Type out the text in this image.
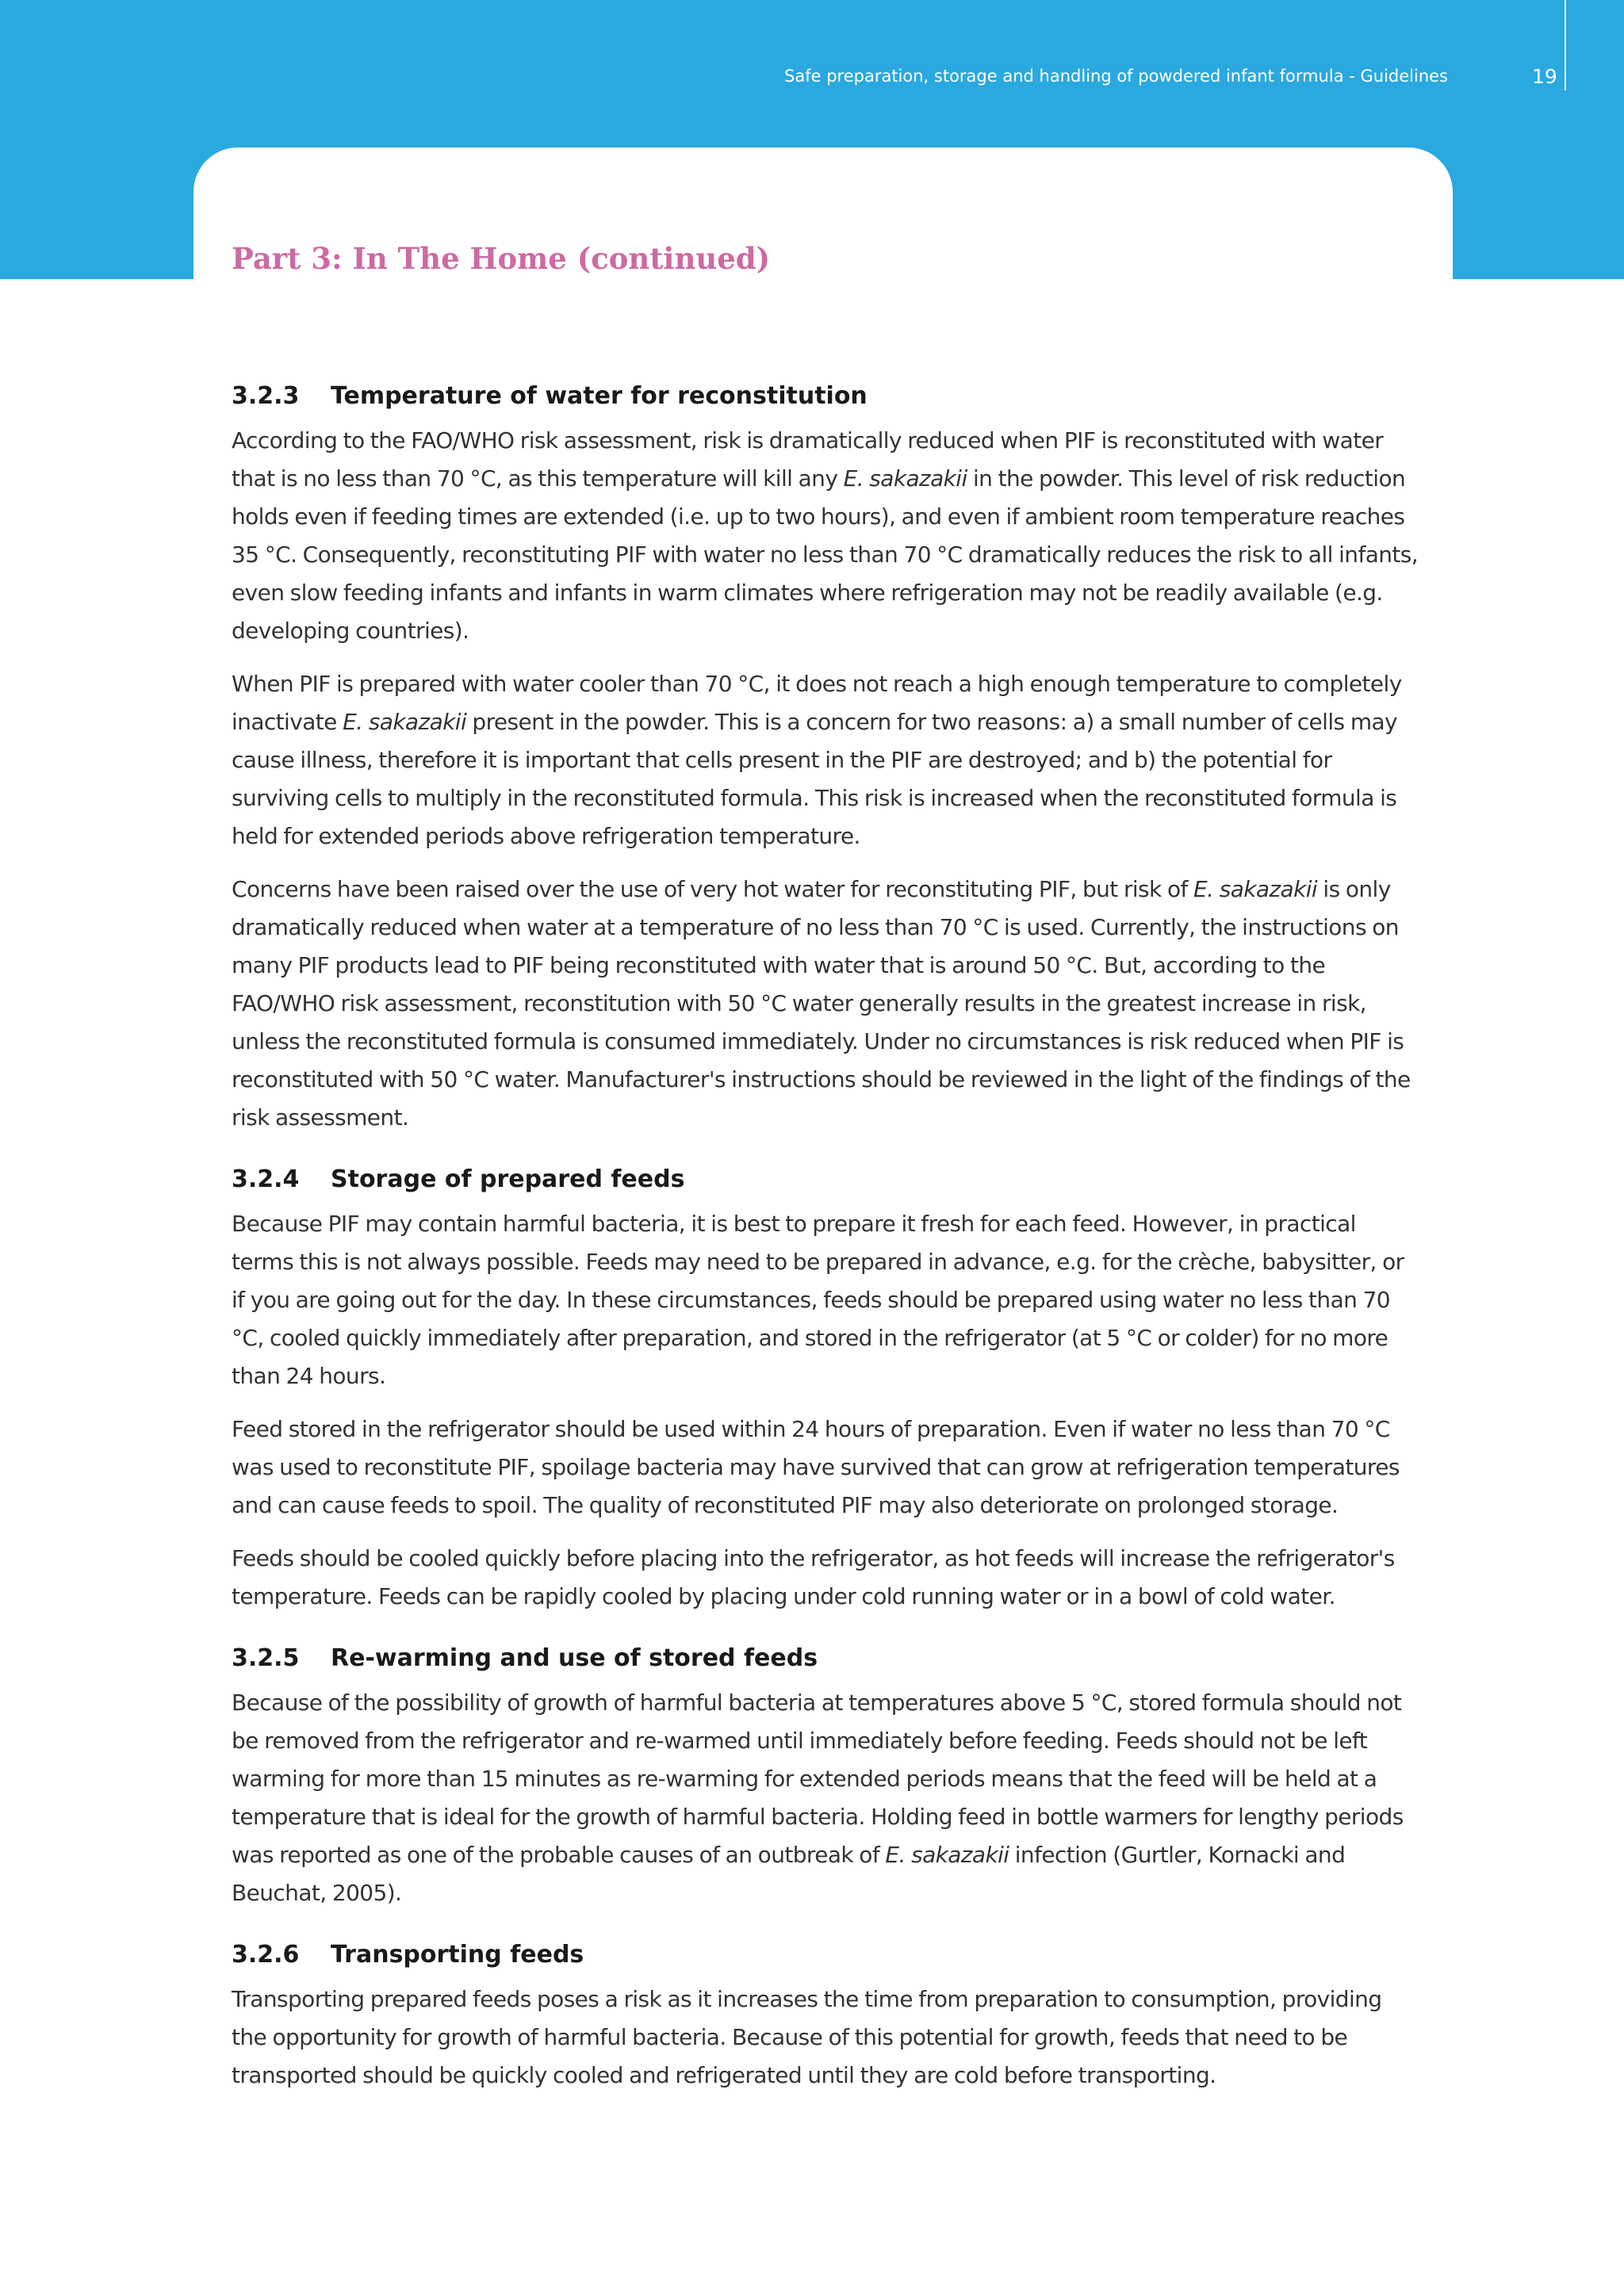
Safe preparation, storage and handling of powdered infant formula - Guidelines	19
Part 3: In The Home (continued)
3.2.3 Temperature of water for reconstitution

According to the FAO/WHO risk assessment, risk is dramatically reduced when PIF is reconstituted with water that is no less than 70 °C, as this temperature will kill any E. sakazakii in the powder. This level of risk reduction holds even if feeding times are extended (i.e. up to two hours), and even if ambient room temperature reaches 35 °C. Consequently, reconstituting PIF with water no less than 70 °C dramatically reduces the risk to all infants, even slow feeding infants and infants in warm climates where refrigeration may not be readily available (e.g. developing countries).

When PIF is prepared with water cooler than 70 °C, it does not reach a high enough temperature to completely inactivate E. sakazakii present in the powder. This is a concern for two reasons: a) a small number of cells may cause illness, therefore it is important that cells present in the PIF are destroyed; and b) the potential for surviving cells to multiply in the reconstituted formula. This risk is increased when the reconstituted formula is held for extended periods above refrigeration temperature.

Concerns have been raised over the use of very hot water for reconstituting PIF, but risk of E. sakazakii is only dramatically reduced when water at a temperature of no less than 70 °C is used. Currently, the instructions on many PIF products lead to PIF being reconstituted with water that is around 50 °C. But, according to the FAO/WHO risk assessment, reconstitution with 50 °C water generally results in the greatest increase in risk, unless the reconstituted formula is consumed immediately. Under no circumstances is risk reduced when PIF is reconstituted with 50 °C water. Manufacturer's instructions should be reviewed in the light of the findings of the risk assessment.

3.2.4 Storage of prepared feeds

Because PIF may contain harmful bacteria, it is best to prepare it fresh for each feed. However, in practical terms this is not always possible. Feeds may need to be prepared in advance, e.g. for the crèche, babysitter, or if you are going out for the day. In these circumstances, feeds should be prepared using water no less than 70 °C, cooled quickly immediately after preparation, and stored in the refrigerator (at 5 °C or colder) for no more than 24 hours.

Feed stored in the refrigerator should be used within 24 hours of preparation. Even if water no less than 70 °C was used to reconstitute PIF, spoilage bacteria may have survived that can grow at refrigeration temperatures and can cause feeds to spoil. The quality of reconstituted PIF may also deteriorate on prolonged storage.

Feeds should be cooled quickly before placing into the refrigerator, as hot feeds will increase the refrigerator's temperature. Feeds can be rapidly cooled by placing under cold running water or in a bowl of cold water.

3.2.5 Re-warming and use of stored feeds

Because of the possibility of growth of harmful bacteria at temperatures above 5 °C, stored formula should not be removed from the refrigerator and re-warmed until immediately before feeding. Feeds should not be left warming for more than 15 minutes as re-warming for extended periods means that the feed will be held at a temperature that is ideal for the growth of harmful bacteria. Holding feed in bottle warmers for lengthy periods was reported as one of the probable causes of an outbreak of E. sakazakii infection (Gurtler, Kornacki and Beuchat, 2005).

3.2.6 Transporting feeds

Transporting prepared feeds poses a risk as it increases the time from preparation to consumption, providing the opportunity for growth of harmful bacteria. Because of this potential for growth, feeds that need to be transported should be quickly cooled and refrigerated until they are cold before transporting.
